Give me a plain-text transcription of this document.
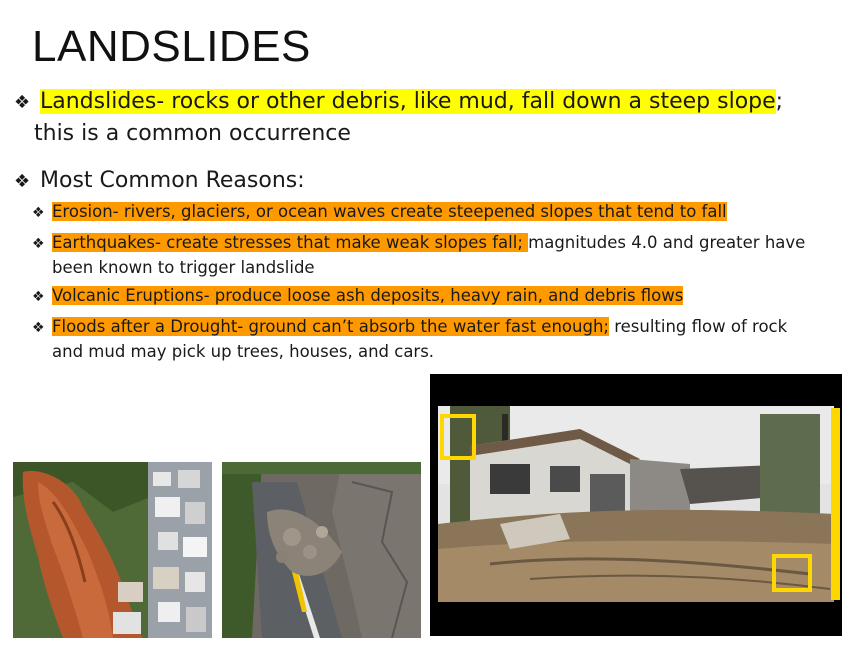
LANDSLIDES
❖ Landslides- rocks or other debris, like mud, fall down a steep slope;
this is a common occurrence
❖ Most Common Reasons:
❖ Erosion- rivers, glaciers, or ocean waves create steepened slopes that tend to fall
❖ Earthquakes- create stresses that make weak slopes fall; magnitudes 4.0 and greater have
been known to trigger landslide
❖ Volcanic Eruptions- produce loose ash deposits, heavy rain, and debris flows
❖ Floods after a Drought- ground can’t absorb the water fast enough; resulting flow of rock
and mud may pick up trees, houses, and cars.
